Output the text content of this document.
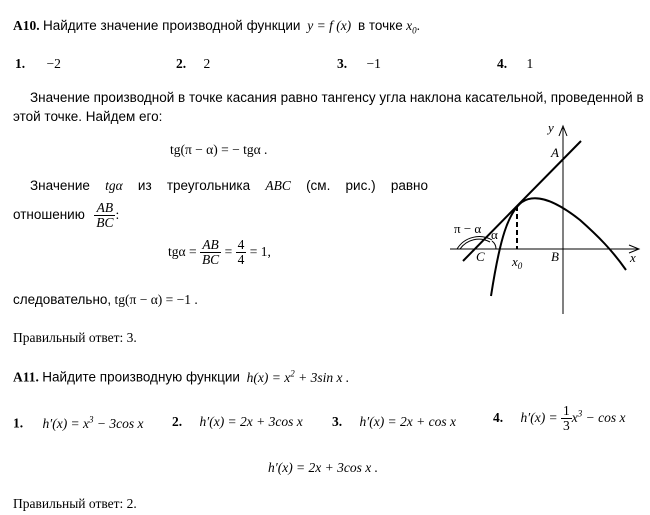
A10. Найдите значение производной функции y = f (x) в точке $x_0$.
1. −2	2. 2	3. −1	4. 1
Значение производной в точке касания равно тангенсу угла наклона касательной, проведенной в
этой точке. Найдем его:
tg(π − α) = − tgα .
Значение tgα из треугольника ABC (см. рис.) равно
отношению $\frac{AB}{BC}$ :
$tg\alpha = \frac{AB}{BC} = \frac{4}{4} = 1$,
следовательно, tg(π − α) = −1 .
Правильный ответ: 3.
y
x
A
B
C $x_0$
α
π − α
A11. Найдите производную функции $h(x) = x^2 + 3\sin$ x .
1. $h'(x) = x^3 - 3\cos$ x 2. h′(x) = 2x + 3cos x 3. h′(x) = 2x + cos x	4. $h'(x) = \frac{1}{3} x^3 - \cos x$
h′(x) = 2x + 3cos x .
Правильный ответ: 2.
